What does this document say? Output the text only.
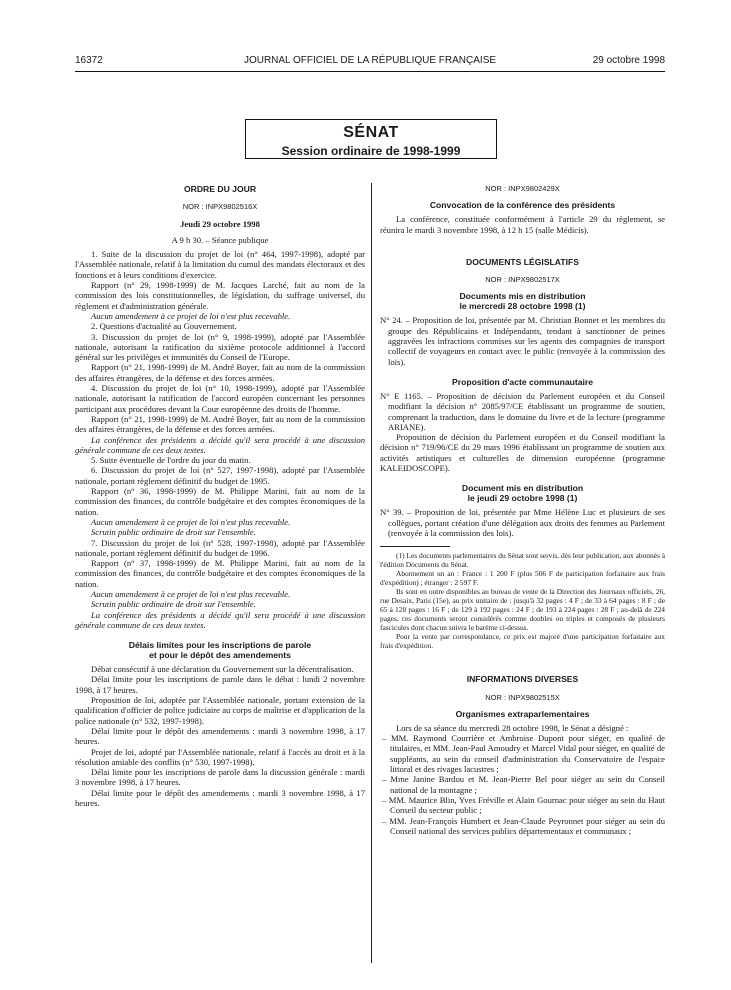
16372	JOURNAL OFFICIEL DE LA RÉPUBLIQUE FRANÇAISE	29 octobre 1998
SÉNAT
Session ordinaire de 1998-1999
ORDRE DU JOUR
NOR : INPX9802516X
Jeudi 29 octobre 1998
A 9 h 30. – Séance publique

1. Suite de la discussion du projet de loi (n° 464, 1997-1998), adopté par l'Assemblée nationale, relatif à la limitation du cumul des mandats électoraux et des fonctions et à leurs conditions d'exercice.

Rapport (n° 29, 1998-1999) de M. Jacques Larché, fait au nom de la commission des lois constitutionnelles, de législation, du suffrage universel, du règlement et d'administration générale.

Aucun amendement à ce projet de loi n'est plus recevable.

2. Questions d'actualité au Gouvernement.

3. Discussion du projet de loi (n° 9, 1998-1999), adopté par l'Assemblée nationale, autorisant la ratification du sixième protocole additionnel à l'accord général sur les privilèges et immunités du Conseil de l'Europe.

Rapport (n° 21, 1998-1999) de M. André Boyer, fait au nom de la commission des affaires étrangères, de la défense et des forces armées.

4. Discussion du projet de loi (n° 10, 1998-1999), adopté par l'Assemblée nationale, autorisant la ratification de l'accord européen concernant les personnes participant aux procédures devant la Cour européenne des droits de l'homme.

Rapport (n° 21, 1998-1999) de M. André Boyer, fait au nom de la commission des affaires étrangères, de la défense et des forces armées.

La conférence des présidents a décidé qu'il sera procédé à une discussion générale commune de ces deux textes.

5. Suite éventuelle de l'ordre du jour du matin.

6. Discussion du projet de loi (n° 527, 1997-1998), adopté par l'Assemblée nationale, portant règlement définitif du budget de 1995.

Rapport (n° 36, 1998-1999) de M. Philippe Marini, fait au nom de la commission des finances, du contrôle budgétaire et des comptes économiques de la nation.

Aucun amendement à ce projet de loi n'est plus recevable.

Scrutin public ordinaire de droit sur l'ensemble.

7. Discussion du projet de loi (n° 528, 1997-1998), adopté par l'Assemblée nationale, portant règlement définitif du budget de 1996.

Rapport (n° 37, 1998-1999) de M. Philippe Marini, fait au nom de la commission des finances, du contrôle budgétaire et des comptes économiques de la nation.

Aucun amendement à ce projet de loi n'est plus recevable.

Scrutin public ordinaire de droit sur l'ensemble.

La conférence des présidents a décidé qu'il sera procédé à une discussion générale commune de ces deux textes.

Délais limites pour les inscriptions de parole
et pour le dépôt des amendements

Débat consécutif à une déclaration du Gouvernement sur la décentralisation.

Délai limite pour les inscriptions de parole dans le débat : lundi 2 novembre 1998, à 17 heures.

Proposition de loi, adoptée par l'Assemblée nationale, portant extension de la qualification d'officier de police judiciaire au corps de maîtrise et d'application de la police nationale (n° 532, 1997-1998).

Délai limite pour le dépôt des amendements : mardi 3 novembre 1998, à 17 heures.

Projet de loi, adopté par l'Assemblée nationale, relatif à l'accès au droit et à la résolution amiable des conflits (n° 530, 1997-1998).

Délai limite pour les inscriptions de parole dans la discussion générale : mardi 3 novembre 1998, à 17 heures.

Délai limite pour le dépôt des amendements : mardi 3 novembre 1998, à 17 heures.

NOR : INPX9802429X
Convocation de la conférence des présidents

La conférence, constituée conformément à l'article 29 du règlement, se réunira le mardi 3 novembre 1998, à 12 h 15 (salle Médicis).

DOCUMENTS LÉGISLATIFS
NOR : INPX9802517X
Documents mis en distribution
le mercredi 28 octobre 1998 (1)

N° 24. – Proposition de loi, présentée par M. Christian Bonnet et les membres du groupe des Républicains et Indépendants, tendant à sanctionner de peines aggravées les infractions commises sur les agents des compagnies de transport collectif de voyageurs en contact avec le public (renvoyée à la commission des lois).

Proposition d'acte communautaire

N° E 1165. – Proposition de décision du Parlement européen et du Conseil modifiant la décision n° 2085/97/CE établissant un programme de soutien, comprenant la traduction, dans le domaine du livre et de la lecture (programme ARIANE).

Proposition de décision du Parlement européen et du Conseil modifiant la décision n° 719/96/CE du 29 mars 1996 établissant un programme de soutien aux activités artistiques et culturelles de dimension européenne (programme KALEIDOSCOPE).

Document mis en distribution
le jeudi 29 octobre 1998 (1)

N° 39. – Proposition de loi, présentée par Mme Hélène Luc et plusieurs de ses collègues, portant création d'une délégation aux droits des femmes au Parlement (renvoyée à la commission des lois).

(1) Les documents parlementaires du Sénat sont servis, dès leur publication, aux abonnés à l'édition Documents du Sénat.

Abonnement un an : France : 1 200 F (plus 506 F de participation forfaitaire aux frais d'expédition) ; étranger : 2 597 F.

Ils sont en outre disponibles au bureau de vente de la Direction des Journaux officiels, 26, rue Desaix, Paris (15e), au prix unitaire de : jusqu'à 32 pages : 4 F ; de 33 à 64 pages : 8 F ; de 65 à 128 pages : 16 F ; de 129 à 192 pages : 24 F ; de 193 à 224 pages : 28 F ; au-delà de 224 pages, ces documents seront considérés comme doubles ou triples et composés de plusieurs fascicules dont chacun suivra le barème ci-dessus.

Pour la vente par correspondance, ce prix est majoré d'une participation forfaitaire aux frais d'expédition.

INFORMATIONS DIVERSES
NOR : INPX9802515X
Organismes extraparlementaires

Lors de sa séance du mercredi 28 octobre 1998, le Sénat a désigné :

– MM. Raymond Courrière et Ambroise Dupont pour siéger, en qualité de titulaires, et MM. Jean-Paul Amoudry et Marcel Vidal pour siéger, en qualité de suppléants, au sein du conseil d'administration du Conservatoire de l'espace littoral et des rivages lacustres ;

– Mme Janine Bardou et M. Jean-Pierre Bel pour siéger au sein du Conseil national de la montagne ;

– MM. Maurice Blin, Yves Fréville et Alain Gournac pour siéger au sein du Haut Conseil du secteur public ;

– MM. Jean-François Humbert et Jean-Claude Peyronnet pour siéger au sein du Conseil national des services publics départementaux et communaux ;
